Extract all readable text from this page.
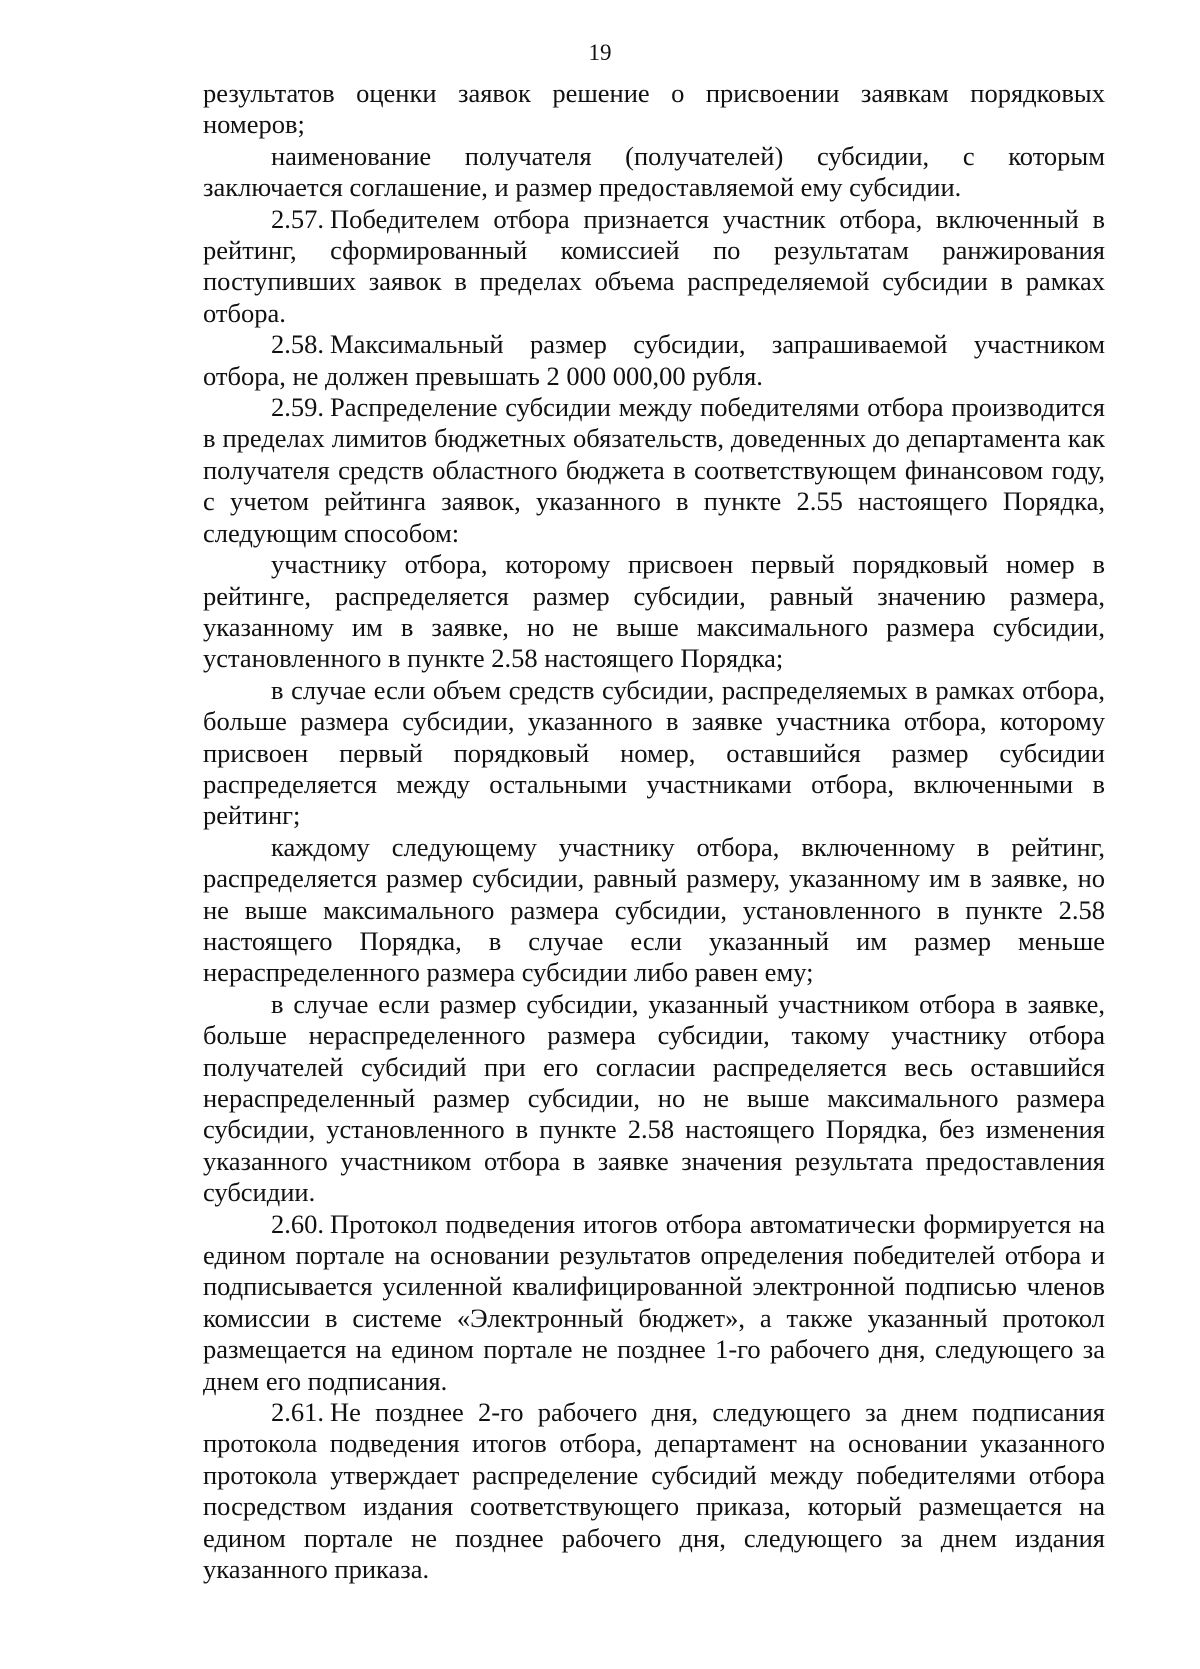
19

результатов оценки заявок решение о присвоении заявкам порядковых номеров;

наименование получателя (получателей) субсидии, с которым заключается соглашение, и размер предоставляемой ему субсидии.

2.57. Победителем отбора признается участник отбора, включенный в рейтинг, сформированный комиссией по результатам ранжирования поступивших заявок в пределах объема распределяемой субсидии в рамках отбора.

2.58. Максимальный размер субсидии, запрашиваемой участником отбора, не должен превышать 2 000 000,00 рубля.

2.59. Распределение субсидии между победителями отбора производится в пределах лимитов бюджетных обязательств, доведенных до департамента как получателя средств областного бюджета в соответствующем финансовом году, с учетом рейтинга заявок, указанного в пункте 2.55 настоящего Порядка, следующим способом:

участнику отбора, которому присвоен первый порядковый номер в рейтинге, распределяется размер субсидии, равный значению размера, указанному им в заявке, но не выше максимального размера субсидии, установленного в пункте 2.58 настоящего Порядка;

в случае если объем средств субсидии, распределяемых в рамках отбора, больше размера субсидии, указанного в заявке участника отбора, которому присвоен первый порядковый номер, оставшийся размер субсидии распределяется между остальными участниками отбора, включенными в рейтинг;

каждому следующему участнику отбора, включенному в рейтинг, распределяется размер субсидии, равный размеру, указанному им в заявке, но не выше максимального размера субсидии, установленного в пункте 2.58 настоящего Порядка, в случае если указанный им размер меньше нераспределенного размера субсидии либо равен ему;

в случае если размер субсидии, указанный участником отбора в заявке, больше нераспределенного размера субсидии, такому участнику отбора получателей субсидий при его согласии распределяется весь оставшийся нераспределенный размер субсидии, но не выше максимального размера субсидии, установленного в пункте 2.58 настоящего Порядка, без изменения указанного участником отбора в заявке значения результата предоставления субсидии.

2.60. Протокол подведения итогов отбора автоматически формируется на едином портале на основании результатов определения победителей отбора и подписывается усиленной квалифицированной электронной подписью членов комиссии в системе «Электронный бюджет», а также указанный протокол размещается на едином портале не позднее 1-го рабочего дня, следующего за днем его подписания.

2.61. Не позднее 2-го рабочего дня, следующего за днем подписания протокола подведения итогов отбора, департамент на основании указанного протокола утверждает распределение субсидий между победителями отбора посредством издания соответствующего приказа, который размещается на едином портале не позднее рабочего дня, следующего за днем издания указанного приказа.
